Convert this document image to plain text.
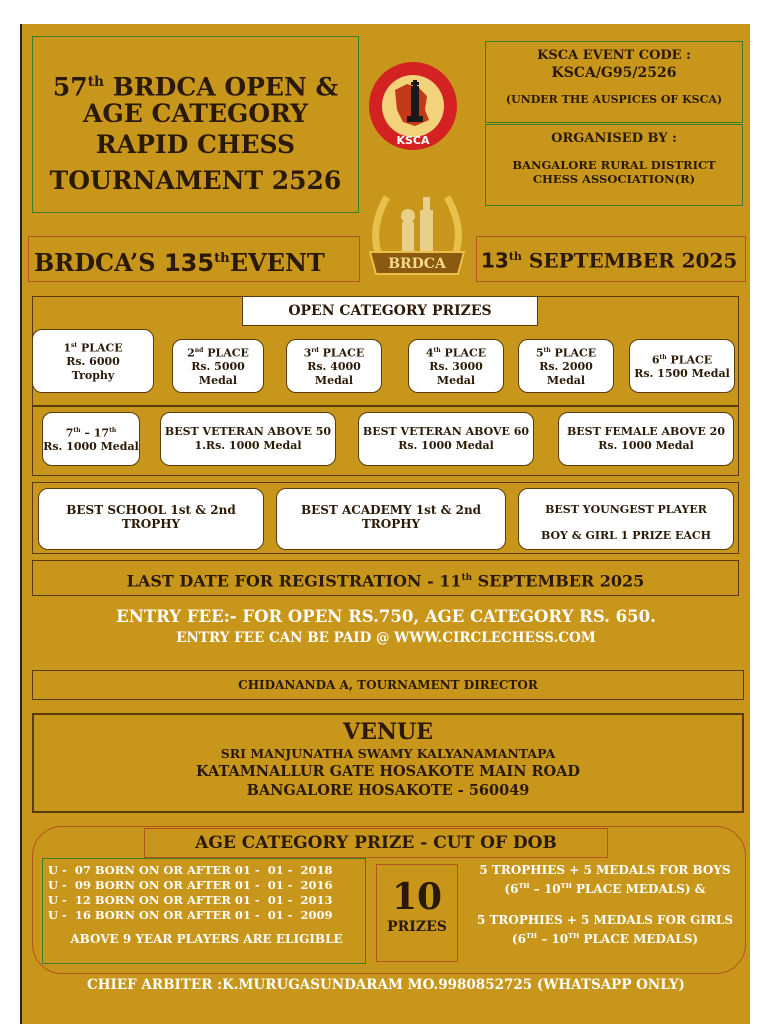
57th BRDCA OPEN &
AGE CATEGORY
RAPID CHESS
TOURNAMENT 2526
KSCA
KSCA EVENT CODE :
KSCA/G95/2526
(UNDER THE AUSPICES OF KSCA)
ORGANISED BY :
BANGALORE RURAL DISTRICT
CHESS ASSOCIATION(R)
BRDCA
BRDCA’S 135thEVENT	13th SEPTEMBER 2025
OPEN CATEGORY PRIZES
1st PLACE
Rs. 6000
Trophy
2nd PLACE
Rs. 5000 Medal
3rd PLACE
Rs. 4000 Medal
4th PLACE
Rs. 3000 Medal
5th PLACE
Rs. 2000 Medal
6th PLACE
Rs. 1500 Medal
7th – 17th
Rs. 1000 Medal
BEST VETERAN ABOVE 50
1.Rs. 1000 Medal
BEST VETERAN ABOVE 60
Rs. 1000 Medal
BEST FEMALE ABOVE 20
Rs. 1000 Medal
BEST SCHOOL 1st & 2nd
TROPHY
BEST ACADEMY 1st & 2nd
TROPHY
BEST YOUNGEST PLAYER
BOY & GIRL 1 PRIZE EACH
LAST DATE FOR REGISTRATION - 11th SEPTEMBER 2025
ENTRY FEE:- FOR OPEN RS.750, AGE CATEGORY RS. 650.
ENTRY FEE CAN BE PAID @ WWW.CIRCLECHESS.COM
CHIDANANDA A, TOURNAMENT DIRECTOR
VENUE
SRI MANJUNATHA SWAMY KALYANAMANTAPA
KATAMNALLUR GATE HOSAKOTE MAIN ROAD
BANGALORE HOSAKOTE - 560049
AGE CATEGORY PRIZE - CUT OF DOB
U -  07 BORN ON OR AFTER 01 -  01 -  2018
U -  09 BORN ON OR AFTER 01 -  01 -  2016
U -  12 BORN ON OR AFTER 01 -  01 -  2013
U -  16 BORN ON OR AFTER 01 -  01 -  2009
ABOVE 9 YEAR PLAYERS ARE ELIGIBLE
10
PRIZES
5 TROPHIES + 5 MEDALS FOR BOYS
(6TH – 10TH PLACE MEDALS) &
5 TROPHIES + 5 MEDALS FOR GIRLS
(6TH – 10TH PLACE MEDALS)
CHIEF ARBITER :K.MURUGASUNDARAM MO.9980852725 (WHATSAPP ONLY)
